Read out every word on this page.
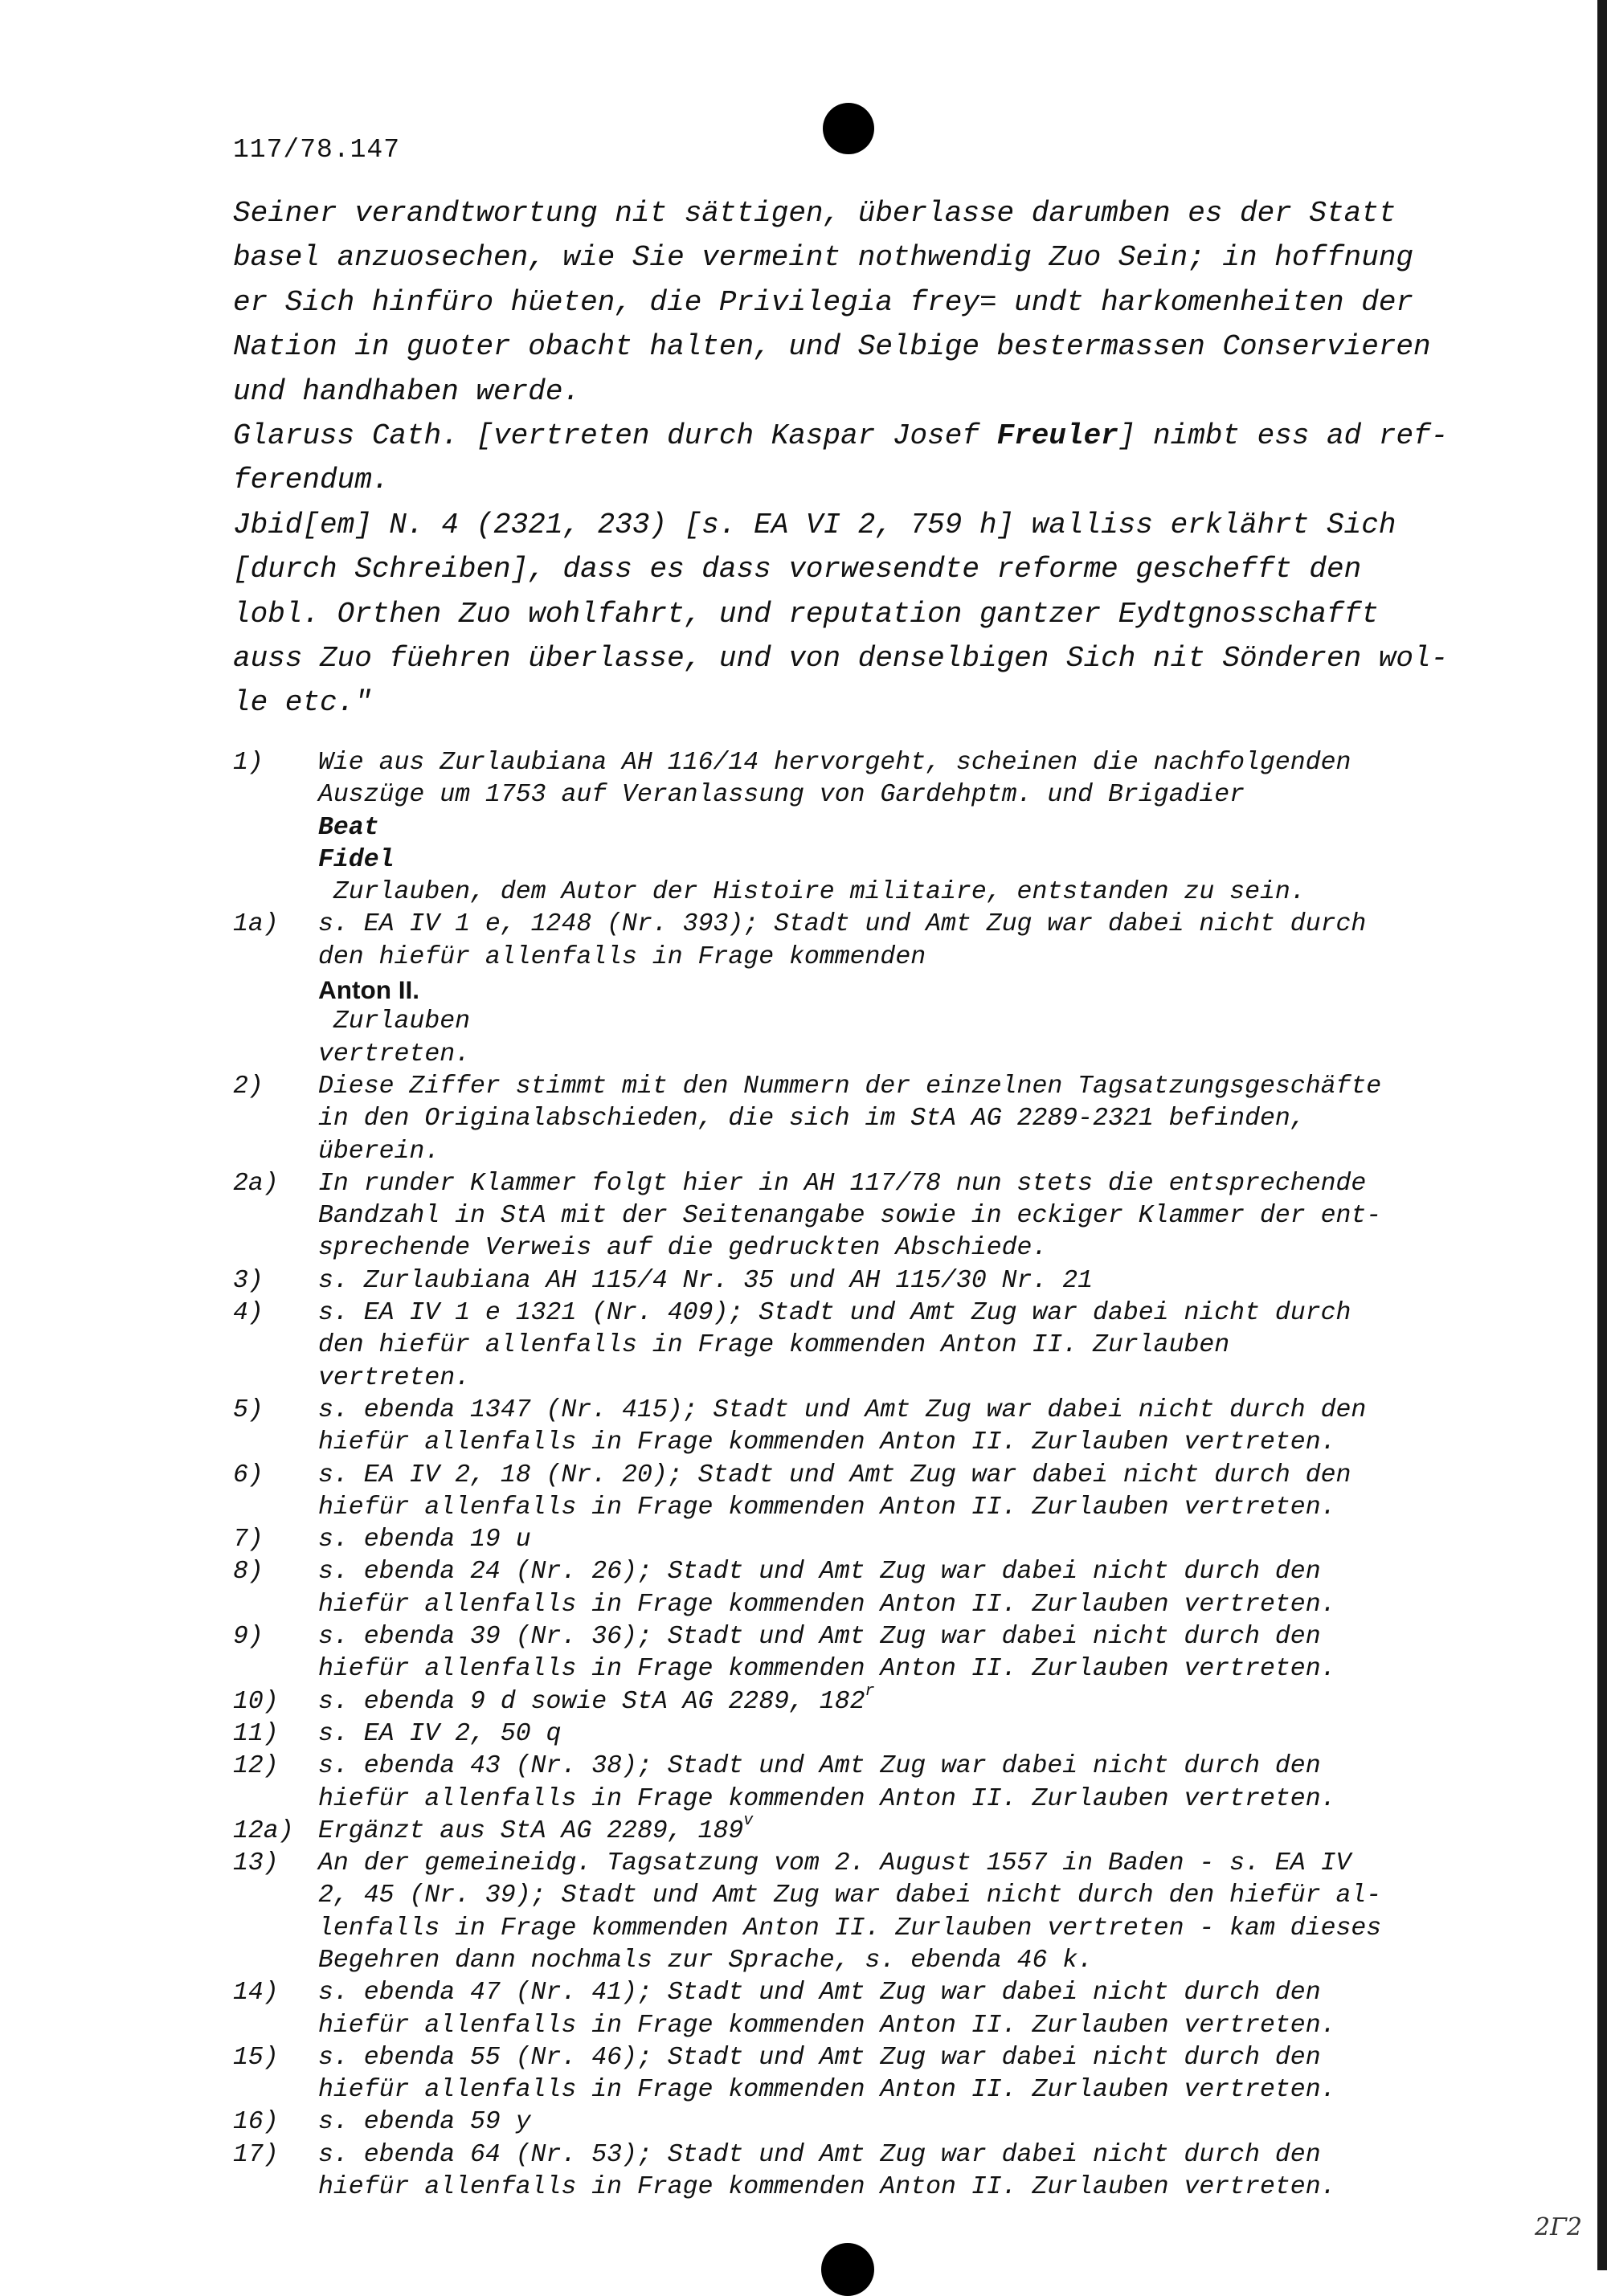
117/78.147

Seiner verandtwortung nit sättigen, überlasse darumben es der Statt

basel anzuosechen, wie Sie vermeint nothwendig Zuo Sein; in hoffnung

er Sich hinfüro hüeten, die Privilegia frey= undt harkomenheiten der

Nation in guoter obacht halten, und Selbige bestermassen Conservieren

und handhaben werde.

Glaruss Cath. [vertreten durch Kaspar Josef Freuler] nimbt ess ad ref-

ferendum.

Jbid[em] N. 4 (2321, 233) [s. EA VI 2, 759 h] walliss erklährt Sich

[durch Schreiben], dass es dass vorwesendte reforme geschefft den

lobl. Orthen Zuo wohlfahrt, und reputation gantzer Eydtgnosschafft

auss Zuo füehren überlasse, und von denselbigen Sich nit Sönderen wol-

le etc."

1)	Wie aus Zurlaubiana AH 116/14 hervorgeht, scheinen die nachfolgenden
Auszüge um 1753 auf Veranlassung von Gardehptm. und Brigadier
Beat
Fidel
Zurlauben, dem Autor der Histoire militaire, entstanden zu sein.
1a)	s. EA IV 1 e, 1248 (Nr. 393); Stadt und Amt Zug war dabei nicht durch
den hiefür allenfalls in Frage kommenden
Anton II.
Zurlauben
vertreten.
2)	Diese Ziffer stimmt mit den Nummern der einzelnen Tagsatzungsgeschäfte
in den Originalabschieden, die sich im StA AG 2289-2321 befinden,
überein.
2a)	In runder Klammer folgt hier in AH 117/78 nun stets die entsprechende
Bandzahl in StA mit der Seitenangabe sowie in eckiger Klammer der ent-
sprechende Verweis auf die gedruckten Abschiede.
3)	s. Zurlaubiana AH 115/4 Nr. 35 und AH 115/30 Nr. 21
4)	s. EA IV 1 e 1321 (Nr. 409); Stadt und Amt Zug war dabei nicht durch
den hiefür allenfalls in Frage kommenden Anton II. Zurlauben
vertreten.
5)	s. ebenda 1347 (Nr. 415); Stadt und Amt Zug war dabei nicht durch den
hiefür allenfalls in Frage kommenden Anton II. Zurlauben vertreten.
6)	s. EA IV 2, 18 (Nr. 20); Stadt und Amt Zug war dabei nicht durch den
hiefür allenfalls in Frage kommenden Anton II. Zurlauben vertreten.
7)	s. ebenda 19 u
8)	s. ebenda 24 (Nr. 26); Stadt und Amt Zug war dabei nicht durch den
hiefür allenfalls in Frage kommenden Anton II. Zurlauben vertreten.
9)	s. ebenda 39 (Nr. 36); Stadt und Amt Zug war dabei nicht durch den
hiefür allenfalls in Frage kommenden Anton II. Zurlauben vertreten.
10)	s. ebenda 9 d sowie StA AG 2289, 182$^r$
11)	s. EA IV 2, 50 q
12)	s. ebenda 43 (Nr. 38); Stadt und Amt Zug war dabei nicht durch den
hiefür allenfalls in Frage kommenden Anton II. Zurlauben vertreten.
12a) Ergänzt aus StA AG 2289, 189$^v$
13)	An der gemeineidg. Tagsatzung vom 2. August 1557 in Baden - s. EA IV
2, 45 (Nr. 39); Stadt und Amt Zug war dabei nicht durch den hiefür al-
lenfalls in Frage kommenden Anton II. Zurlauben vertreten - kam dieses
Begehren dann nochmals zur Sprache, s. ebenda 46 k.
14)	s. ebenda 47 (Nr. 41); Stadt und Amt Zug war dabei nicht durch den
hiefür allenfalls in Frage kommenden Anton II. Zurlauben vertreten.
15)	s. ebenda 55 (Nr. 46); Stadt und Amt Zug war dabei nicht durch den
hiefür allenfalls in Frage kommenden Anton II. Zurlauben vertreten.
16)	s. ebenda 59 y
17)	s. ebenda 64 (Nr. 53); Stadt und Amt Zug war dabei nicht durch den
hiefür allenfalls in Frage kommenden Anton II. Zurlauben vertreten.
2Γ2
